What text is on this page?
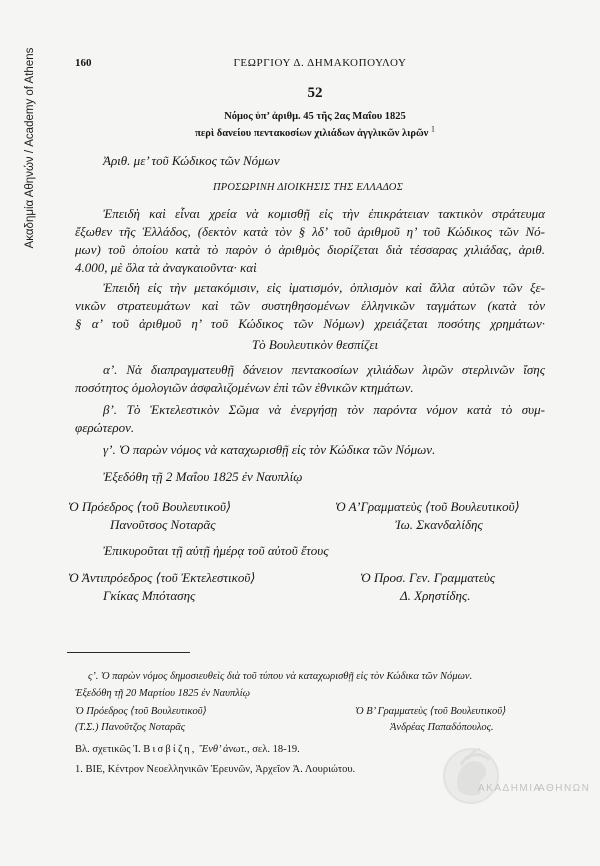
Ακαδημία Αθηνών / Academy of Athens	160	ΓΕΩΡΓΙΟΥ Δ. ΔΗΜΑΚΟΠΟΥΛΟΥ
52
Νόμος ὑπ’ ἀριθμ. 45 τῆς 2ας Μαΐου 1825
περὶ δανείου πεντακοσίων χιλιάδων ἀγγλικῶν λιρῶν $^1$
Ἀριθ. με’ τοῦ Κώδικος τῶν Νόμων
ΠΡΟΣΩΡΙΝΗ ΔΙΟΙΚΗΣΙΣ ΤΗΣ ΕΛΛΑΔΟΣ
Ἐπειδὴ καὶ εἶναι χρεία νὰ κομισθῇ εἰς τὴν ἐπικράτειαν τακτικὸν στράτευμα
ἔξωθεν τῆς Ἑλλάδος, (δεκτὸν κατὰ τὸν § λδ’ τοῦ ἀριθμοῦ η’ τοῦ Κώδικος τῶν Νό-
μων) τοῦ ὁποίου κατὰ τὸ παρὸν ὁ ἀριθμὸς διορίζεται διὰ τέσσαρας χιλιάδας, ἀριθ.
4.000, μὲ ὅλα τὰ ἀναγκαιοῦντα· καὶ
Ἐπειδὴ εἰς τὴν μετακόμισιν, εἰς ἱματισμόν, ὁπλισμὸν καὶ ἄλλα αὐτῶν τῶν ξε-
νικῶν στρατευμάτων καὶ τῶν συστηθησομένων ἑλληνικῶν ταγμάτων (κατὰ τὸν
§ α’ τοῦ ἀριθμοῦ η’ τοῦ Κώδικος τῶν Νόμων) χρειάζεται ποσότης χρημάτων·
Τὸ Βουλευτικὸν θεσπίζει
α’. Νὰ διαπραγματευθῇ δάνειον πεντακοσίων χιλιάδων λιρῶν στερλινῶν ἴσης
ποσότητος ὁμολογιῶν ἀσφαλιζομένων ἐπὶ τῶν ἐθνικῶν κτημάτων.
β’. Τὸ Ἐκτελεστικὸν Σῶμα νὰ ἐνεργήσῃ τὸν παρόντα νόμον κατὰ τὸ συμ-
φερώτερον.
γ’. Ὁ παρὼν νόμος νὰ καταχωρισθῇ εἰς τὸν Κώδικα τῶν Νόμων.
Ἐξεδόθη τῇ 2 Μαΐου 1825 ἐν Ναυπλίῳ
Ὁ Πρόεδρος ⟨τοῦ Βουλευτικοῦ⟩	Ὁ Α’Γραμματεὺς ⟨τοῦ Βουλευτικοῦ⟩
Πανοῦτσος Νοταρᾶς	Ἰω. Σκανδαλίδης
Ἐπικυροῦται τῇ αὐτῇ ἡμέρᾳ τοῦ αὐτοῦ ἔτους
Ὁ Ἀντιπρόεδρος ⟨τοῦ Ἐκτελεστικοῦ⟩	Ὁ Προσ. Γεν. Γραμματεὺς
Γκίκας Μπότασης	Δ. Χρηστίδης.
ς’. Ὁ παρὼν νόμος δημοσιευθεὶς διὰ τοῦ τύπου νὰ καταχωρισθῇ εἰς τὸν Κώδικα τῶν Νόμων.
Ἐξεδόθη τῇ 20 Μαρτίου 1825 ἐν Ναυπλίῳ
Ὁ Πρόεδρος ⟨τοῦ Βουλευτικοῦ⟩	Ὁ Β’ Γραμματεὺς ⟨τοῦ Βουλευτικοῦ⟩
(Τ.Σ.) Πανοῦτζος Νοταρᾶς	Ἀνδρέας Παπαδόπουλος.
Βλ. σχετικῶς Ἰ. Βισβίζη, Ἔνθ’ ἀνωτ., σελ. 18-19.
1. ΒΙΕ, Κέντρον Νεοελληνικῶν Ἐρευνῶν, Ἀρχεῖον Ἀ. Λουριώτου.
ΑΚΑΔΗΜΙΑ
ΑΘΗΝΩΝ
